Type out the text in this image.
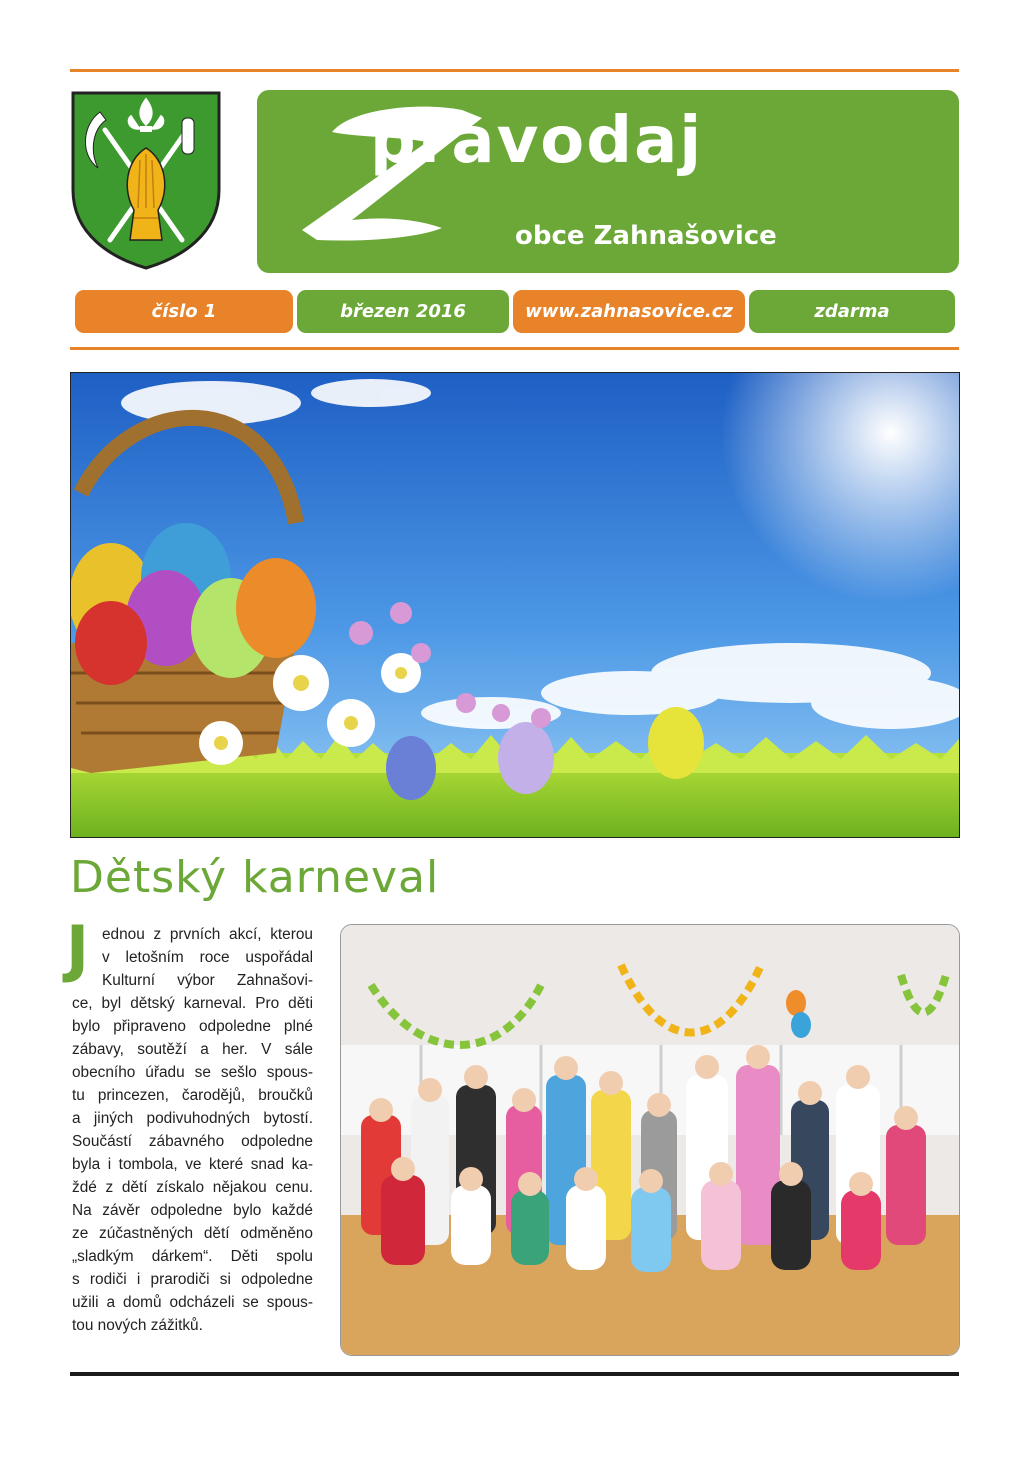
pravodaj
obce Zahnašovice
číslo 1	březen 2016	www.zahnasovice.cz	zdarma
Dětský karneval
J ednou z prvních akcí, kterou
v letošním roce uspořádal
Kulturní výbor Zahnašovi-
ce, byl dětský karneval. Pro děti
bylo připraveno odpoledne plné
zábavy, soutěží a her. V sále
obecního úřadu se sešlo spous-
tu princezen, čarodějů, broučků
a jiných podivuhodných bytostí.
Součástí zábavného odpoledne
byla i tombola, ve které snad ka-
ždé z dětí získalo nějakou cenu.
Na závěr odpoledne bylo každé
ze zúčastněných dětí odměněno
„sladkým dárkem“. Děti spolu
s rodiči i prarodiči si odpoledne
užili a domů odcházeli se spous-
tou nových zážitků.
